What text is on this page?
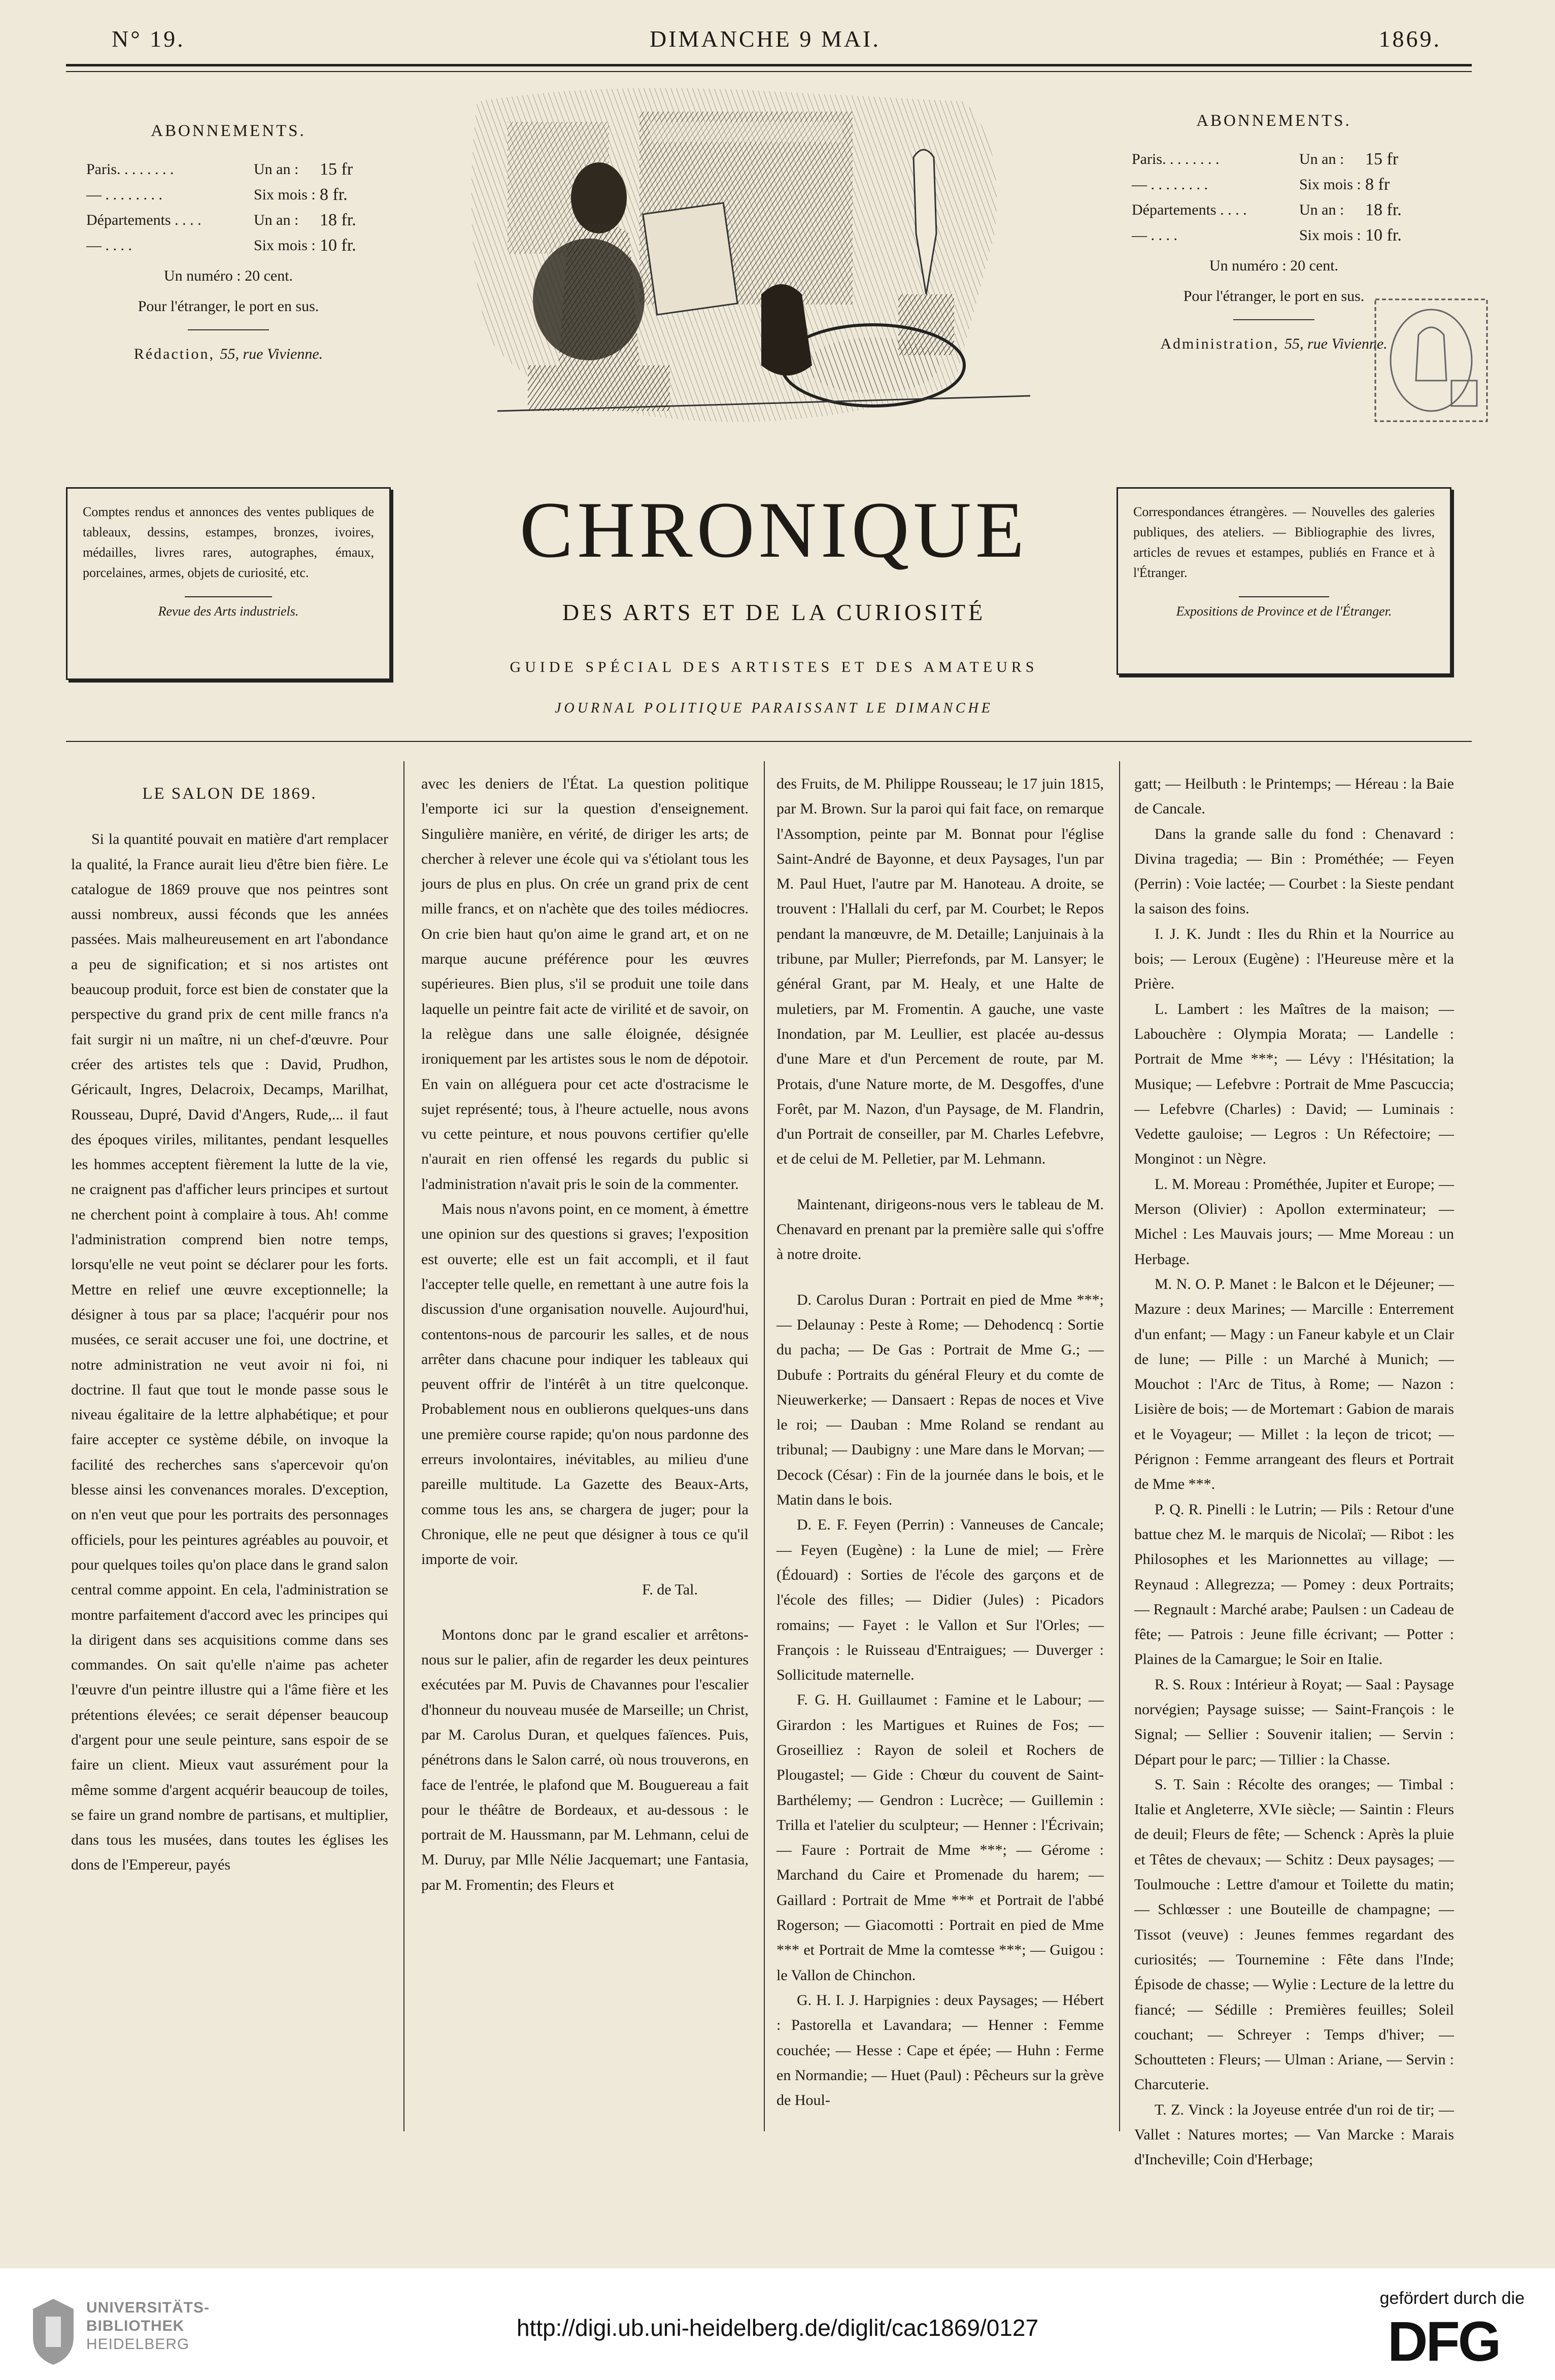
N° 19.	DIMANCHE 9 MAI.	1869.
ABONNEMENTS.
Paris. . . . . . . .	Un an :	15 fr
— . . . . . . . .	Six mois : 8 fr.
Départements . . . .	Un an :	18 fr.
— . . . .	Six mois : 10 fr.
Un numéro : 20 cent.
Pour l'étranger, le port en sus.
Rédaction, 55, rue Vivienne.
ABONNEMENTS.
Paris. . . . . . . .	Un an :	15 fr
— . . . . . . . .	Six mois : 8 fr
Départements . . . .	Un an :	18 fr.
— . . . .	Six mois : 10 fr.
Un numéro : 20 cent.
Pour l'étranger, le port en sus.
Administration, 55, rue Vivienne.
Comptes rendus et annonces des ventes publiques de tableaux, dessins, estampes, bronzes, ivoires, médailles, livres rares, autographes, émaux, porcelaines, armes, objets de curiosité, etc.
Revue des Arts industriels.
Correspondances étrangères. — Nouvelles des galeries publiques, des ateliers. — Bibliographie des livres, articles de revues et estampes, publiés en France et à l'Étranger.
Expositions de Province et de l'Étranger.
CHRONIQUE
DES ARTS ET DE LA CURIOSITÉ
GUIDE SPÉCIAL DES ARTISTES ET DES AMATEURS
JOURNAL POLITIQUE PARAISSANT LE DIMANCHE
LE SALON DE 1869.

Si la quantité pouvait en matière d'art remplacer la qualité, la France aurait lieu d'être bien fière. Le catalogue de 1869 prouve que nos peintres sont aussi nombreux, aussi féconds que les années passées. Mais malheureusement en art l'abondance a peu de signification; et si nos artistes ont beaucoup produit, force est bien de constater que la perspective du grand prix de cent mille francs n'a fait surgir ni un maître, ni un chef-d'œuvre. Pour créer des artistes tels que : David, Prudhon, Géricault, Ingres, Delacroix, Decamps, Marilhat, Rousseau, Dupré, David d'Angers, Rude,... il faut des époques viriles, militantes, pendant lesquelles les hommes acceptent fièrement la lutte de la vie, ne craignent pas d'afficher leurs principes et surtout ne cherchent point à complaire à tous. Ah! comme l'administration comprend bien notre temps, lorsqu'elle ne veut point se déclarer pour les forts. Mettre en relief une œuvre exceptionnelle; la désigner à tous par sa place; l'acquérir pour nos musées, ce serait accuser une foi, une doctrine, et notre administration ne veut avoir ni foi, ni doctrine. Il faut que tout le monde passe sous le niveau égalitaire de la lettre alphabétique; et pour faire accepter ce système débile, on invoque la facilité des recherches sans s'apercevoir qu'on blesse ainsi les convenances morales. D'exception, on n'en veut que pour les portraits des personnages officiels, pour les peintures agréables au pouvoir, et pour quelques toiles qu'on place dans le grand salon central comme appoint. En cela, l'administration se montre parfaitement d'accord avec les principes qui la dirigent dans ses acquisitions comme dans ses commandes. On sait qu'elle n'aime pas acheter l'œuvre d'un peintre illustre qui a l'âme fière et les prétentions élevées; ce serait dépenser beaucoup d'argent pour une seule peinture, sans espoir de se faire un client. Mieux vaut assurément pour la même somme d'argent acquérir beaucoup de toiles, se faire un grand nombre de partisans, et multiplier, dans tous les musées, dans toutes les églises les dons de l'Empereur, payés

avec les deniers de l'État. La question politique l'emporte ici sur la question d'enseignement. Singulière manière, en vérité, de diriger les arts; de chercher à relever une école qui va s'étiolant tous les jours de plus en plus. On crée un grand prix de cent mille francs, et on n'achète que des toiles médiocres. On crie bien haut qu'on aime le grand art, et on ne marque aucune préférence pour les œuvres supérieures. Bien plus, s'il se produit une toile dans laquelle un peintre fait acte de virilité et de savoir, on la relègue dans une salle éloignée, désignée ironiquement par les artistes sous le nom de dépotoir. En vain on alléguera pour cet acte d'ostracisme le sujet représenté; tous, à l'heure actuelle, nous avons vu cette peinture, et nous pouvons certifier qu'elle n'aurait en rien offensé les regards du public si l'administration n'avait pris le soin de la commenter.

Mais nous n'avons point, en ce moment, à émettre une opinion sur des questions si graves; l'exposition est ouverte; elle est un fait accompli, et il faut l'accepter telle quelle, en remettant à une autre fois la discussion d'une organisation nouvelle. Aujourd'hui, contentons-nous de parcourir les salles, et de nous arrêter dans chacune pour indiquer les tableaux qui peuvent offrir de l'intérêt à un titre quelconque. Probablement nous en oublierons quelques-uns dans une première course rapide; qu'on nous pardonne des erreurs involontaires, inévitables, au milieu d'une pareille multitude. La Gazette des Beaux-Arts, comme tous les ans, se chargera de juger; pour la Chronique, elle ne peut que désigner à tous ce qu'il importe de voir.

F. de Tal.

Montons donc par le grand escalier et arrêtons-nous sur le palier, afin de regarder les deux peintures exécutées par M. Puvis de Chavannes pour l'escalier d'honneur du nouveau musée de Marseille; un Christ, par M. Carolus Duran, et quelques faïences. Puis, pénétrons dans le Salon carré, où nous trouverons, en face de l'entrée, le plafond que M. Bouguereau a fait pour le théâtre de Bordeaux, et au-dessous : le portrait de M. Haussmann, par M. Lehmann, celui de M. Duruy, par Mlle Nélie Jacquemart; une Fantasia, par M. Fromentin; des Fleurs et

des Fruits, de M. Philippe Rousseau; le 17 juin 1815, par M. Brown. Sur la paroi qui fait face, on remarque l'Assomption, peinte par M. Bonnat pour l'église Saint-André de Bayonne, et deux Paysages, l'un par M. Paul Huet, l'autre par M. Hanoteau. A droite, se trouvent : l'Hallali du cerf, par M. Courbet; le Repos pendant la manœuvre, de M. Detaille; Lanjuinais à la tribune, par Muller; Pierrefonds, par M. Lansyer; le général Grant, par M. Healy, et une Halte de muletiers, par M. Fromentin. A gauche, une vaste Inondation, par M. Leullier, est placée au-dessus d'une Mare et d'un Percement de route, par M. Protais, d'une Nature morte, de M. Desgoffes, d'une Forêt, par M. Nazon, d'un Paysage, de M. Flandrin, d'un Portrait de conseiller, par M. Charles Lefebvre, et de celui de M. Pelletier, par M. Lehmann.

Maintenant, dirigeons-nous vers le tableau de M. Chenavard en prenant par la première salle qui s'offre à notre droite.

D. Carolus Duran : Portrait en pied de Mme ***; — Delaunay : Peste à Rome; — Dehodencq : Sortie du pacha; — De Gas : Portrait de Mme G.; — Dubufe : Portraits du général Fleury et du comte de Nieuwerkerke; — Dansaert : Repas de noces et Vive le roi; — Dauban : Mme Roland se rendant au tribunal; — Daubigny : une Mare dans le Morvan; — Decock (César) : Fin de la journée dans le bois, et le Matin dans le bois.

D. E. F. Feyen (Perrin) : Vanneuses de Cancale; — Feyen (Eugène) : la Lune de miel; — Frère (Édouard) : Sorties de l'école des garçons et de l'école des filles; — Didier (Jules) : Picadors romains; — Fayet : le Vallon et Sur l'Orles; — François : le Ruisseau d'Entraigues; — Duverger : Sollicitude maternelle.

F. G. H. Guillaumet : Famine et le Labour; — Girardon : les Martigues et Ruines de Fos; — Groseilliez : Rayon de soleil et Rochers de Plougastel; — Gide : Chœur du couvent de Saint-Barthélemy; — Gendron : Lucrèce; — Guillemin : Trilla et l'atelier du sculpteur; — Henner : l'Écrivain; — Faure : Portrait de Mme ***; — Gérome : Marchand du Caire et Promenade du harem; — Gaillard : Portrait de Mme *** et Portrait de l'abbé Rogerson; — Giacomotti : Portrait en pied de Mme *** et Portrait de Mme la comtesse ***; — Guigou : le Vallon de Chinchon.

G. H. I. J. Harpignies : deux Paysages; — Hébert : Pastorella et Lavandara; — Henner : Femme couchée; — Hesse : Cape et épée; — Huhn : Ferme en Normandie; — Huet (Paul) : Pêcheurs sur la grève de Houl-

gatt; — Heilbuth : le Printemps; — Héreau : la Baie de Cancale.

Dans la grande salle du fond : Chenavard : Divina tragedia; — Bin : Prométhée; — Feyen (Perrin) : Voie lactée; — Courbet : la Sieste pendant la saison des foins.

I. J. K. Jundt : Iles du Rhin et la Nourrice au bois; — Leroux (Eugène) : l'Heureuse mère et la Prière.

L. Lambert : les Maîtres de la maison; — Labouchère : Olympia Morata; — Landelle : Portrait de Mme ***; — Lévy : l'Hésitation; la Musique; — Lefebvre : Portrait de Mme Pascuccia; — Lefebvre (Charles) : David; — Luminais : Vedette gauloise; — Legros : Un Réfectoire; — Monginot : un Nègre.

L. M. Moreau : Prométhée, Jupiter et Europe; — Merson (Olivier) : Apollon exterminateur; — Michel : Les Mauvais jours; — Mme Moreau : un Herbage.

M. N. O. P. Manet : le Balcon et le Déjeuner; — Mazure : deux Marines; — Marcille : Enterrement d'un enfant; — Magy : un Faneur kabyle et un Clair de lune; — Pille : un Marché à Munich; — Mouchot : l'Arc de Titus, à Rome; — Nazon : Lisière de bois; — de Mortemart : Gabion de marais et le Voyageur; — Millet : la leçon de tricot; — Pérignon : Femme arrangeant des fleurs et Portrait de Mme ***.

P. Q. R. Pinelli : le Lutrin; — Pils : Retour d'une battue chez M. le marquis de Nicolaï; — Ribot : les Philosophes et les Marionnettes au village; — Reynaud : Allegrezza; — Pomey : deux Portraits; — Regnault : Marché arabe; Paulsen : un Cadeau de fête; — Patrois : Jeune fille écrivant; — Potter : Plaines de la Camargue; le Soir en Italie.

R. S. Roux : Intérieur à Royat; — Saal : Paysage norvégien; Paysage suisse; — Saint-François : le Signal; — Sellier : Souvenir italien; — Servin : Départ pour le parc; — Tillier : la Chasse.

S. T. Sain : Récolte des oranges; — Timbal : Italie et Angleterre, XVIe siècle; — Saintin : Fleurs de deuil; Fleurs de fête; — Schenck : Après la pluie et Têtes de chevaux; — Schitz : Deux paysages; — Toulmouche : Lettre d'amour et Toilette du matin; — Schlœsser : une Bouteille de champagne; — Tissot (veuve) : Jeunes femmes regardant des curiosités; — Tournemine : Fête dans l'Inde; Épisode de chasse; — Wylie : Lecture de la lettre du fiancé; — Sédille : Premières feuilles; Soleil couchant; — Schreyer : Temps d'hiver; — Schoutteten : Fleurs; — Ulman : Ariane, — Servin : Charcuterie.

T. Z. Vinck : la Joyeuse entrée d'un roi de tir; — Vallet : Natures mortes; — Van Marcke : Marais d'Incheville; Coin d'Herbage;

UNIVERSITÄTS-
BIBLIOTHEK
HEIDELBERG
http://digi.ub.uni-heidelberg.de/diglit/cac1869/0127
gefördert durch die
DFG
